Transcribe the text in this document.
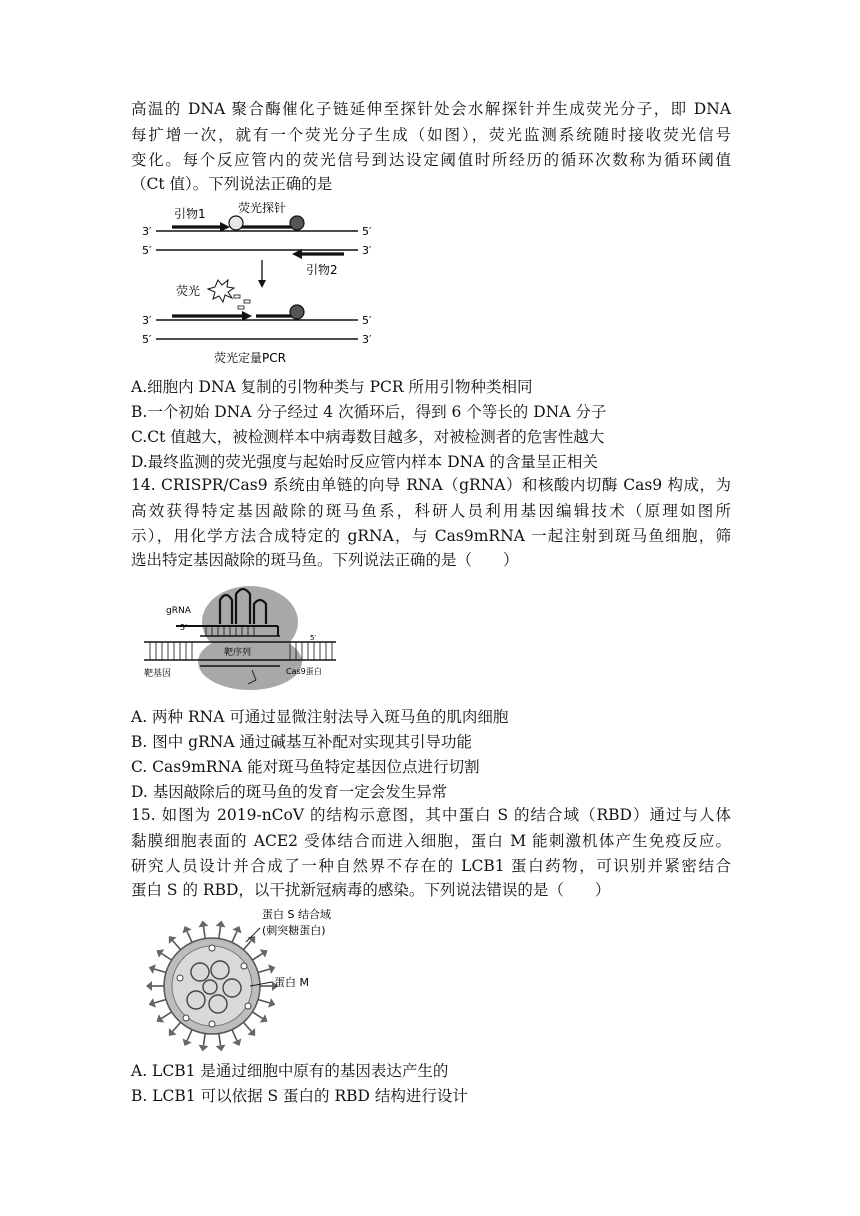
高温的 DNA 聚合酶催化子链延伸至探针处会水解探针并生成荧光分子，即 DNA
每扩增一次，就有一个荧光分子生成（如图），荧光监测系统随时接收荧光信号
变化。每个反应管内的荧光信号到达设定阈值时所经历的循环次数称为循环阈值
（Ct 值）。下列说法正确的是
3′
5′
5′
3′
引物1	荧光探针
引物2
荧光
3′
5′
5′
3′
荧光定量PCR
A.细胞内 DNA 复制的引物种类与 PCR 所用引物种类相同
B.一个初始 DNA 分子经过 4 次循环后，得到 6 个等长的 DNA 分子
C.Ct 值越大，被检测样本中病毒数目越多，对被检测者的危害性越大
D.最终监测的荧光强度与起始时反应管内样本 DNA 的含量呈正相关
14. CRISPR/Cas9 系统由单链的向导 RNA（gRNA）和核酸内切酶 Cas9 构成，为
高效获得特定基因敲除的斑马鱼系，科研人员利用基因编辑技术（原理如图所
示），用化学方法合成特定的 gRNA，与 Cas9mRNA 一起注射到斑马鱼细胞，筛
选出特定基因敲除的斑马鱼。下列说法正确的是（　　）
gRNA
5′
靶序列
靶基因	Cas9蛋白
5′
A. 两种 RNA 可通过显微注射法导入斑马鱼的肌肉细胞
B. 图中 gRNA 通过碱基互补配对实现其引导功能
C. Cas9mRNA 能对斑马鱼特定基因位点进行切割
D. 基因敲除后的斑马鱼的发育一定会发生异常
15. 如图为 2019-nCoV 的结构示意图，其中蛋白 S 的结合域（RBD）通过与人体
黏膜细胞表面的 ACE2 受体结合而进入细胞，蛋白 M 能刺激机体产生免疫反应。
研究人员设计并合成了一种自然界不存在的 LCB1 蛋白药物，可识别并紧密结合
蛋白 S 的 RBD，以干扰新冠病毒的感染。下列说法错误的是（　　）
蛋白 S 结合域
(刺突糖蛋白)
蛋白 M
A. LCB1 是通过细胞中原有的基因表达产生的
B. LCB1 可以依据 S 蛋白的 RBD 结构进行设计
